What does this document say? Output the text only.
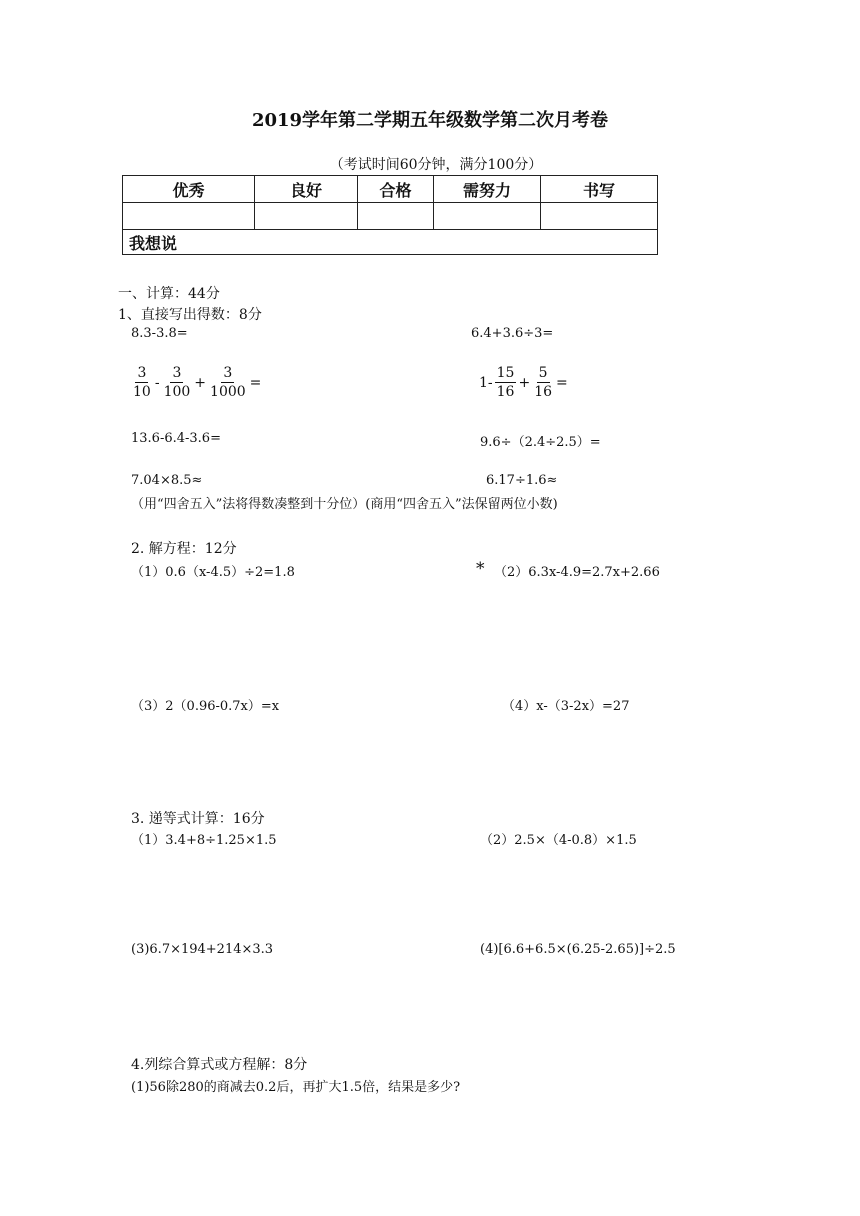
2019学年第二学期五年级数学第二次月考卷
（考试时间60分钟，满分100分）
优秀	良好	合格	需努力	书写

我想说				
一、计算：44分
1、直接写出得数：8分
8.3-3.8=	6.4+3.6÷3=
$\frac{3}{10} - \frac{3}{100} + \frac{3}{1000}$ =	$1- \frac{15}{16} + \frac{5}{16}$ =
13.6-6.4-3.6=	9.6÷（2.4÷2.5）=
7.04×8.5≈	6.17÷1.6≈
（用“四舍五入”法将得数凑整到十分位）(商用“四舍五入”法保留两位小数)
2. 解方程：12分
（1）0.6（x-4.5）÷2=1.8	* （2）6.3x-4.9=2.7x+2.66
（3）2（0.96-0.7x）=x	（4）x-（3-2x）=27
3. 递等式计算：16分
（1）3.4+8÷1.25×1.5	（2）2.5×（4-0.8）×1.5
(3)6.7×194+214×3.3	(4)[6.6+6.5×(6.25-2.65)]÷2.5
4.列综合算式或方程解：8分
(1)56除280的商减去0.2后，再扩大1.5倍，结果是多少?
